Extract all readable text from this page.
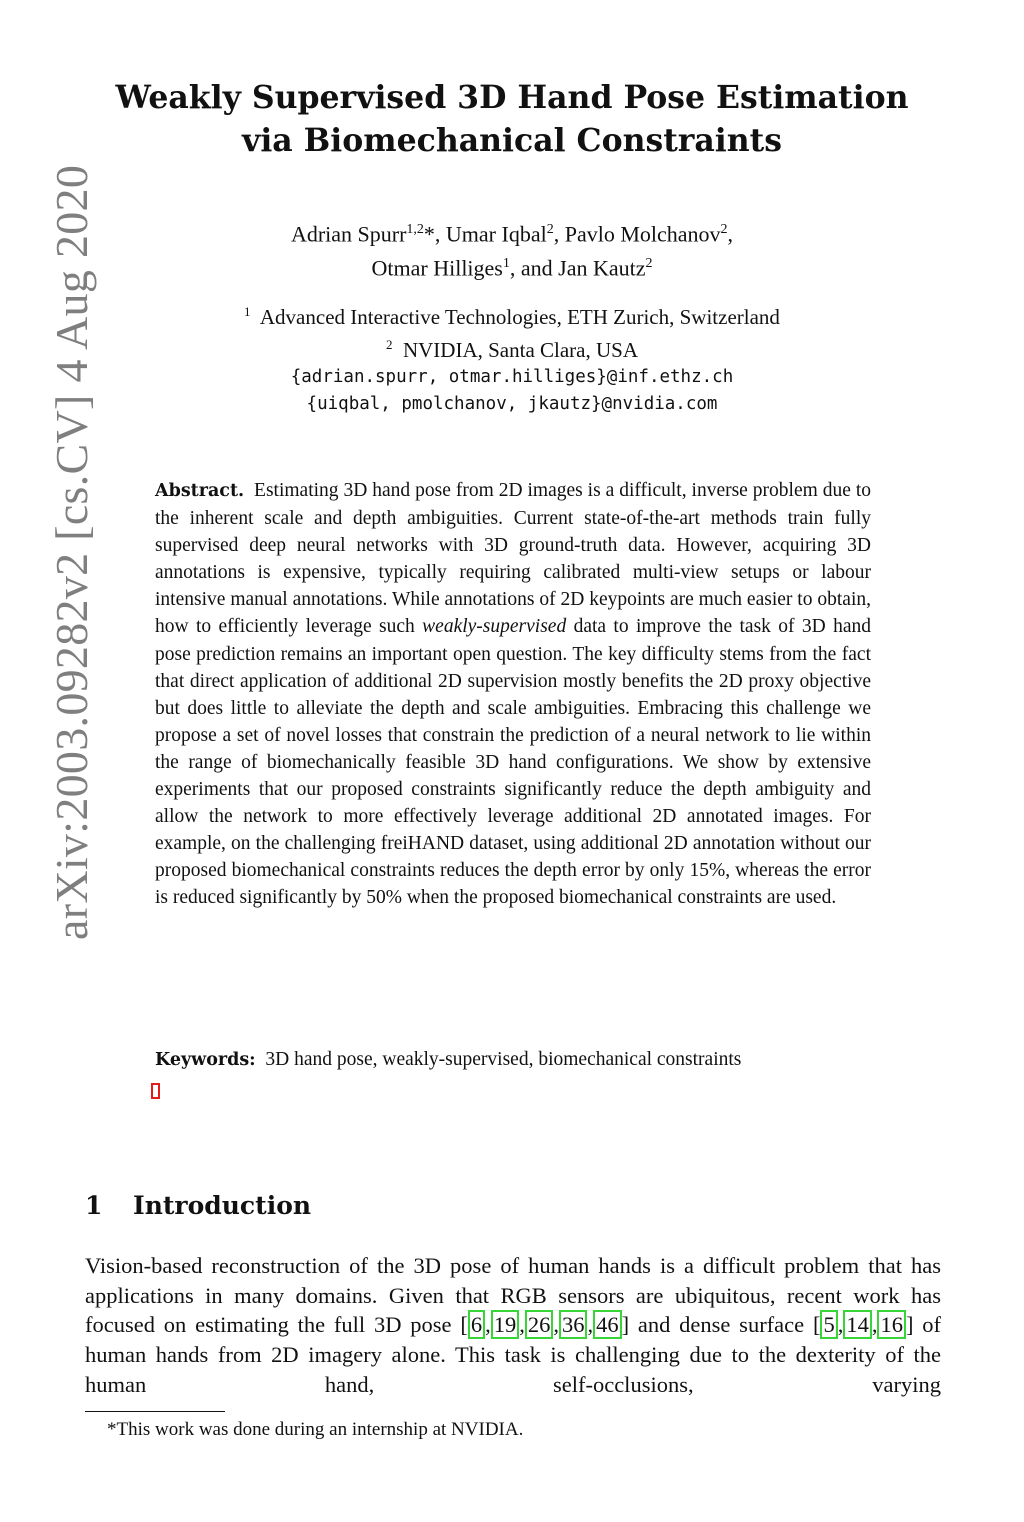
arXiv:2003.09282v2 [cs.CV] 4 Aug 2020
Weakly Supervised 3D Hand Pose Estimation
via Biomechanical Constraints
Adrian Spurr$^{1,2}$*, Umar Iqbal$^2$, Pavlo Molchanov$^2$,
Otmar Hilliges$^1$, and Jan Kautz$^2$
$^1$ Advanced Interactive Technologies, ETH Zurich, Switzerland
$^2$ NVIDIA, Santa Clara, USA
{adrian.spurr, otmar.hilliges}@inf.ethz.ch
{uiqbal, pmolchanov, jkautz}@nvidia.com
Abstract. Estimating 3D hand pose from 2D images is a difficult, inverse problem due to the inherent scale and depth ambiguities. Current state-of-the-art methods train fully supervised deep neural networks with 3D ground-truth data. However, acquiring 3D annotations is expensive, typically requiring calibrated multi-view setups or labour intensive manual annotations. While annotations of 2D keypoints are much easier to obtain, how to efficiently leverage such weakly-supervised data to improve the task of 3D hand pose prediction remains an important open question. The key difficulty stems from the fact that direct application of additional 2D supervision mostly benefits the 2D proxy objective but does little to alleviate the depth and scale ambiguities. Embracing this challenge we propose a set of novel losses that constrain the prediction of a neural network to lie within the range of biomechanically feasible 3D hand configurations. We show by extensive experiments that our proposed constraints significantly reduce the depth ambiguity and allow the network to more effectively leverage additional 2D annotated images. For example, on the challenging freiHAND dataset, using additional 2D annotation without our proposed biomechanical constraints reduces the depth error by only 15%, whereas the error is reduced significantly by 50% when the proposed biomechanical constraints are used.
Keywords: 3D hand pose, weakly-supervised, biomechanical constraints
1 Introduction
Vision-based reconstruction of the 3D pose of human hands is a difficult problem that has applications in many domains. Given that RGB sensors are ubiquitous, recent work has focused on estimating the full 3D pose [ 6 , 19 , 26 , 36 , 46 ] and dense surface [ 5 , 14 , 16 ] of human hands from 2D imagery alone. This task is challenging due to the dexterity of the human hand, self-occlusions, varying
*This work was done during an internship at NVIDIA.
